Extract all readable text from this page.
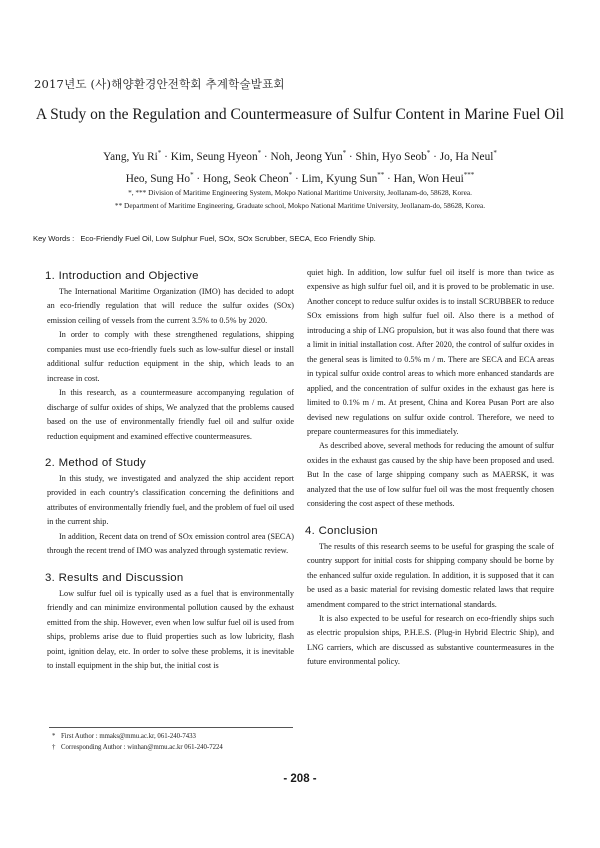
2017년도 (사)해양환경안전학회 추계학술발표회
A Study on the Regulation and Countermeasure of Sulfur Content in Marine Fuel Oil
Yang, Yu Ri* · Kim, Seung Hyeon* · Noh, Jeong Yun* · Shin, Hyo Seob* · Jo, Ha Neul*
Heo, Sung Ho* · Hong, Seok Cheon* · Lim, Kyung Sun** · Han, Won Heui***
*, *** Division of Maritime Engineering System, Mokpo National Maritime University, Jeollanam-do, 58628, Korea.
** Department of Maritime Engineering, Graduate school, Mokpo National Maritime University, Jeollanam-do, 58628, Korea.
Key Words : Eco-Friendly Fuel Oil, Low Sulphur Fuel, SOx, SOx Scrubber, SECA, Eco Friendly Ship.
1. Introduction and Objective

The International Maritime Organization (IMO) has decided to adopt an eco-friendly regulation that will reduce the sulfur oxides (SOx) emission ceiling of vessels from the current 3.5% to 0.5% by 2020.

In order to comply with these strengthened regulations, shipping companies must use eco-friendly fuels such as low-sulfur diesel or install additional sulfur reduction equipment in the ship, which leads to an increase in cost.

In this research, as a countermeasure accompanying regulation of discharge of sulfur oxides of ships, We analyzed that the problems caused based on the use of environmentally friendly fuel oil and sulfur oxide reduction equipment and examined effective countermeasures.

2. Method of Study

In this study, we investigated and analyzed the ship accident report provided in each country's classification concerning the definitions and attributes of environmentally friendly fuel, and the problem of fuel oil used in the current ship.

In addition, Recent data on trend of SOx emission control area (SECA) through the recent trend of IMO was analyzed through systematic review.

3. Results and Discussion

Low sulfur fuel oil is typically used as a fuel that is environmentally friendly and can minimize environmental pollution caused by the exhaust emitted from the ship. However, even when low sulfur fuel oil is used from ships, problems arise due to fluid properties such as low lubricity, flash point, ignition delay, etc. In order to solve these problems, it is inevitable to install equipment in the ship but, the initial cost is

quiet high. In addition, low sulfur fuel oil itself is more than twice as expensive as high sulfur fuel oil, and it is proved to be problematic in use. Another concept to reduce sulfur oxides is to install SCRUBBER to reduce SOx emissions from high sulfur fuel oil. Also there is a method of introducing a ship of LNG propulsion, but it was also found that there was a limit in initial installation cost. After 2020, the control of sulfur oxides in the general seas is limited to 0.5% m / m. There are SECA and ECA areas in typical sulfur oxide control areas to which more enhanced standards are applied, and the concentration of sulfur oxides in the exhaust gas here is limited to 0.1% m / m. At present, China and Korea Pusan Port are also devised new regulations on sulfur oxide control. Therefore, we need to prepare countermeasures for this immediately.

As described above, several methods for reducing the amount of sulfur oxides in the exhaust gas caused by the ship have been proposed and used. But In the case of large shipping company such as MAERSK, it was analyzed that the use of low sulfur fuel oil was the most frequently chosen considering the cost aspect of these methods.

4. Conclusion

The results of this research seems to be useful for grasping the scale of country support for initial costs for shipping company should be borne by the enhanced sulfur oxide regulation. In addition, it is supposed that it can be used as a basic material for revising domestic related laws that require amendment compared to the strict international standards.

It is also expected to be useful for research on eco-friendly ships such as electric propulsion ships, P.H.E.S. (Plug-in Hybrid Electric Ship), and LNG carriers, which are discussed as substantive countermeasures in the future environmental policy.

* First Author : mmaks@mmu.ac.kr, 061-240-7433
† Corresponding Author : winhan@mmu.ac.kr 061-240-7224
- 208 -
